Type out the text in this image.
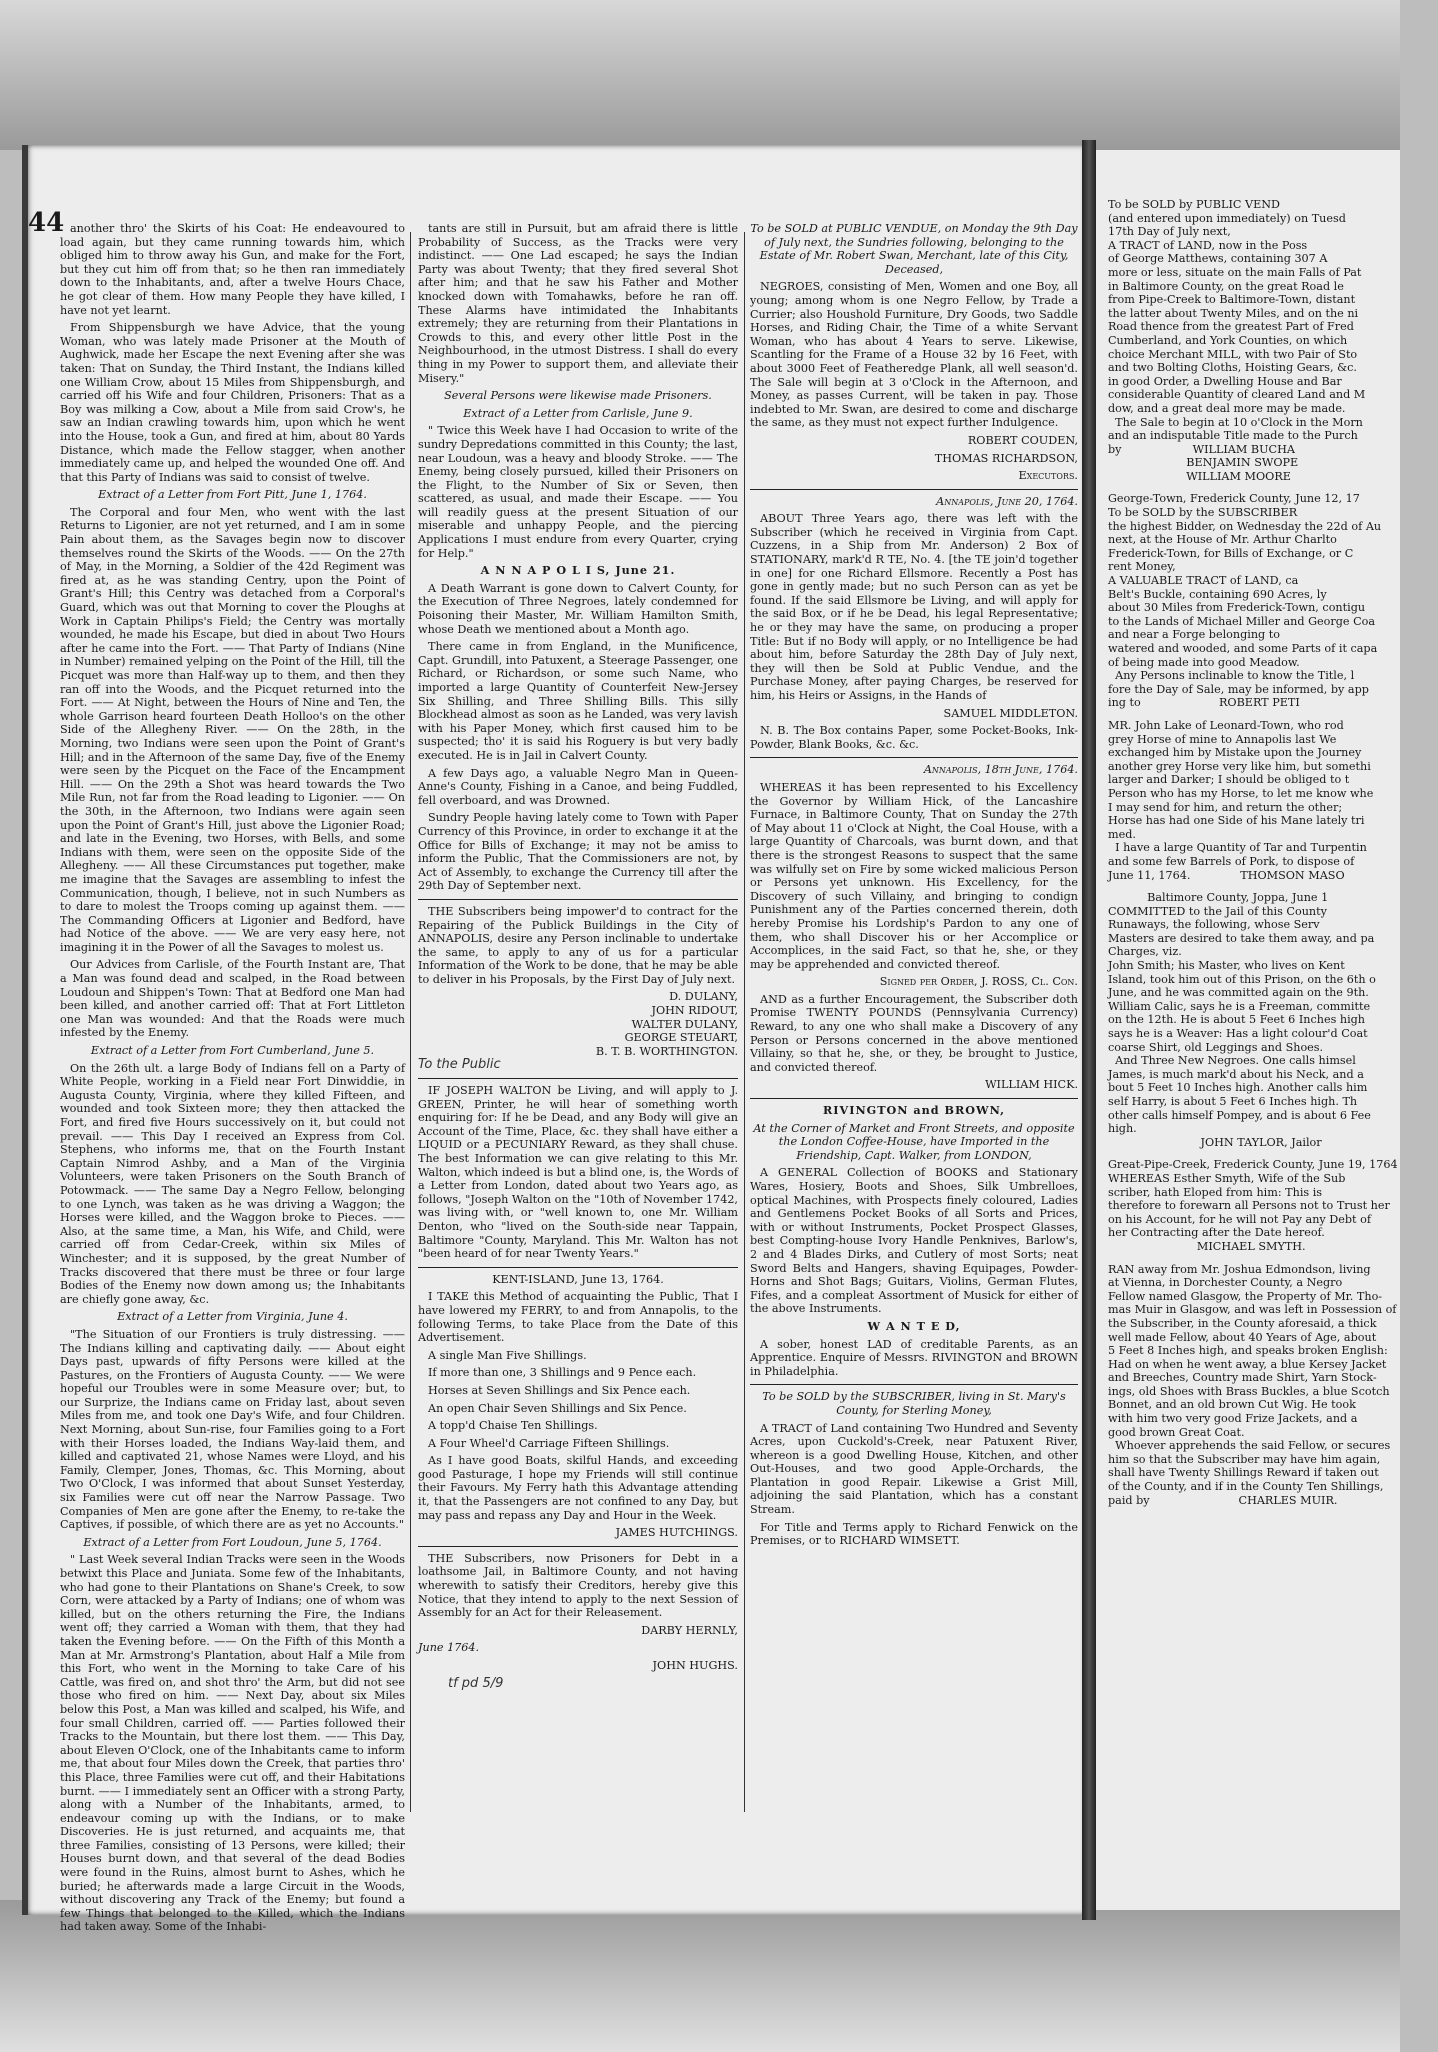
To be SOLD by PUBLIC VEND
(and entered upon immediately) on Tuesd
17th Day of July next,
A TRACT of LAND, now in the Poss
of George Matthews, containing 307 A
more or less, situate on the main Falls of Pat
in Baltimore County, on the great Road le
from Pipe-Creek to Baltimore-Town, distant
the latter about Twenty Miles, and on the ni
Road thence from the greatest Part of Fred
Cumberland, and York Counties, on which
choice Merchant MILL, with two Pair of Sto
and two Bolting Cloths, Hoisting Gears, &c.
in good Order, a Dwelling House and Bar
considerable Quantity of cleared Land and M
dow, and a great deal more may be made.
The Sale to begin at 10 o'Clock in the Morn
and an indisputable Title made to the Purch
by                    WILLIAM BUCHA
BENJAMIN SWOPE
WILLIAM MOORE
George-Town, Frederick County, June 12, 17
To be SOLD by the SUBSCRIBER
the highest Bidder, on Wednesday the 22d of Au
next, at the House of Mr. Arthur Charlto
Frederick-Town, for Bills of Exchange, or C
rent Money,
A VALUABLE TRACT of LAND, ca
Belt's Buckle, containing 690 Acres, ly
about 30 Miles from Frederick-Town, contigu
to the Lands of Michael Miller and George Coa
and near a Forge belonging to
watered and wooded, and some Parts of it capa
of being made into good Meadow.
Any Persons inclinable to know the Title, l
fore the Day of Sale, may be informed, by app
ing to                      ROBERT PETI
MR. John Lake of Leonard-Town, who rod
grey Horse of mine to Annapolis last We
exchanged him by Mistake upon the Journey
another grey Horse very like him, but somethi
larger and Darker; I should be obliged to t
Person who has my Horse, to let me know whe
I may send for him, and return the other;
Horse has had one Side of his Mane lately tri
med.
I have a large Quantity of Tar and Turpentin
and some few Barrels of Pork, to dispose of
June 11, 1764.              THOMSON MASO
Baltimore County, Joppa, June 1
COMMITTED to the Jail of this County
Runaways, the following, whose Serv
Masters are desired to take them away, and pa
Charges, viz.
John Smith; his Master, who lives on Kent
Island, took him out of this Prison, on the 6th o
June, and he was committed again on the 9th.
William Calic, says he is a Freeman, committe
on the 12th. He is about 5 Feet 6 Inches high
says he is a Weaver: Has a light colour'd Coat
coarse Shirt, old Leggings and Shoes.
And Three New Negroes. One calls himsel
James, is much mark'd about his Neck, and a
bout 5 Feet 10 Inches high. Another calls him
self Harry, is about 5 Feet 6 Inches high. Th
other calls himself Pompey, and is about 6 Fee
high.
JOHN TAYLOR, Jailor
Great-Pipe-Creek, Frederick County, June 19, 1764
WHEREAS Esther Smyth, Wife of the Sub
scriber, hath Eloped from him: This is
therefore to forewarn all Persons not to Trust her
on his Account, for he will not Pay any Debt of
her Contracting after the Date hereof.
MICHAEL SMYTH.
RAN away from Mr. Joshua Edmondson, living
at Vienna, in Dorchester County, a Negro
Fellow named Glasgow, the Property of Mr. Tho-
mas Muir in Glasgow, and was left in Possession of
the Subscriber, in the County aforesaid, a thick
well made Fellow, about 40 Years of Age, about
5 Feet 8 Inches high, and speaks broken English:
Had on when he went away, a blue Kersey Jacket
and Breeches, Country made Shirt, Yarn Stock-
ings, old Shoes with Brass Buckles, a blue Scotch
Bonnet, and an old brown Cut Wig. He took
with him two very good Frize Jackets, and a
good brown Great Coat.
Whoever apprehends the said Fellow, or secures
him so that the Subscriber may have him again,
shall have Twenty Shillings Reward if taken out
of the County, and if in the County Ten Shillings,
paid by                         CHARLES MUIR.
44 another thro' the Skirts of his Coat: He endeavoured to load again, but they came running towards him, which obliged him to throw away his Gun, and make for the Fort, but they cut him off from that; so he then ran immediately down to the Inhabitants, and, after a twelve Hours Chace, he got clear of them. How many People they have killed, I have not yet learnt.

From Shippensburgh we have Advice, that the young Woman, who was lately made Prisoner at the Mouth of Aughwick, made her Escape the next Evening after she was taken: That on Sunday, the Third Instant, the Indians killed one William Crow, about 15 Miles from Shippensburgh, and carried off his Wife and four Children, Prisoners: That as a Boy was milking a Cow, about a Mile from said Crow's, he saw an Indian crawling towards him, upon which he went into the House, took a Gun, and fired at him, about 80 Yards Distance, which made the Fellow stagger, when another immediately came up, and helped the wounded One off. And that this Party of Indians was said to consist of twelve.

Extract of a Letter from Fort Pitt, June 1, 1764.

The Corporal and four Men, who went with the last Returns to Ligonier, are not yet returned, and I am in some Pain about them, as the Savages begin now to discover themselves round the Skirts of the Woods. —— On the 27th of May, in the Morning, a Soldier of the 42d Regiment was fired at, as he was standing Centry, upon the Point of Grant's Hill; this Centry was detached from a Corporal's Guard, which was out that Morning to cover the Ploughs at Work in Captain Philips's Field; the Centry was mortally wounded, he made his Escape, but died in about Two Hours after he came into the Fort. —— That Party of Indians (Nine in Number) remained yelping on the Point of the Hill, till the Picquet was more than Half-way up to them, and then they ran off into the Woods, and the Picquet returned into the Fort. —— At Night, between the Hours of Nine and Ten, the whole Garrison heard fourteen Death Holloo's on the other Side of the Allegheny River. —— On the 28th, in the Morning, two Indians were seen upon the Point of Grant's Hill; and in the Afternoon of the same Day, five of the Enemy were seen by the Picquet on the Face of the Encampment Hill. —— On the 29th a Shot was heard towards the Two Mile Run, not far from the Road leading to Ligonier. —— On the 30th, in the Afternoon, two Indians were again seen upon the Point of Grant's Hill, just above the Ligonier Road; and late in the Evening, two Horses, with Bells, and some Indians with them, were seen on the opposite Side of the Allegheny. —— All these Circumstances put together, make me imagine that the Savages are assembling to infest the Communication, though, I believe, not in such Numbers as to dare to molest the Troops coming up against them. —— The Commanding Officers at Ligonier and Bedford, have had Notice of the above. —— We are very easy here, not imagining it in the Power of all the Savages to molest us.

Our Advices from Carlisle, of the Fourth Instant are, That a Man was found dead and scalped, in the Road between Loudoun and Shippen's Town: That at Bedford one Man had been killed, and another carried off: That at Fort Littleton one Man was wounded: And that the Roads were much infested by the Enemy.

Extract of a Letter from Fort Cumberland, June 5.

On the 26th ult. a large Body of Indians fell on a Party of White People, working in a Field near Fort Dinwiddie, in Augusta County, Virginia, where they killed Fifteen, and wounded and took Sixteen more; they then attacked the Fort, and fired five Hours successively on it, but could not prevail. —— This Day I received an Express from Col. Stephens, who informs me, that on the Fourth Instant Captain Nimrod Ashby, and a Man of the Virginia Volunteers, were taken Prisoners on the South Branch of Potowmack. —— The same Day a Negro Fellow, belonging to one Lynch, was taken as he was driving a Waggon; the Horses were killed, and the Waggon broke to Pieces. —— Also, at the same time, a Man, his Wife, and Child, were carried off from Cedar-Creek, within six Miles of Winchester; and it is supposed, by the great Number of Tracks discovered that there must be three or four large Bodies of the Enemy now down among us; the Inhabitants are chiefly gone away, &c.

Extract of a Letter from Virginia, June 4.

"The Situation of our Frontiers is truly distressing. —— The Indians killing and captivating daily. —— About eight Days past, upwards of fifty Persons were killed at the Pastures, on the Frontiers of Augusta County. —— We were hopeful our Troubles were in some Measure over; but, to our Surprize, the Indians came on Friday last, about seven Miles from me, and took one Day's Wife, and four Children. Next Morning, about Sun-rise, four Families going to a Fort with their Horses loaded, the Indians Way-laid them, and killed and captivated 21, whose Names were Lloyd, and his Family, Clemper, Jones, Thomas, &c. This Morning, about Two O'Clock, I was informed that about Sunset Yesterday, six Families were cut off near the Narrow Passage. Two Companies of Men are gone after the Enemy, to re-take the Captives, if possible, of which there are as yet no Accounts."

Extract of a Letter from Fort Loudoun, June 5, 1764.

" Last Week several Indian Tracks were seen in the Woods betwixt this Place and Juniata. Some few of the Inhabitants, who had gone to their Plantations on Shane's Creek, to sow Corn, were attacked by a Party of Indians; one of whom was killed, but on the others returning the Fire, the Indians went off; they carried a Woman with them, that they had taken the Evening before. —— On the Fifth of this Month a Man at Mr. Armstrong's Plantation, about Half a Mile from this Fort, who went in the Morning to take Care of his Cattle, was fired on, and shot thro' the Arm, but did not see those who fired on him. —— Next Day, about six Miles below this Post, a Man was killed and scalped, his Wife, and four small Children, carried off. —— Parties followed their Tracks to the Mountain, but there lost them. —— This Day, about Eleven O'Clock, one of the Inhabitants came to inform me, that about four Miles down the Creek, that parties thro' this Place, three Families were cut off, and their Habitations burnt. —— I immediately sent an Officer with a strong Party, along with a Number of the Inhabitants, armed, to endeavour coming up with the Indians, or to make Discoveries. He is just returned, and acquaints me, that three Families, consisting of 13 Persons, were killed; their Houses burnt down, and that several of the dead Bodies were found in the Ruins, almost burnt to Ashes, which he buried; he afterwards made a large Circuit in the Woods, without discovering any Track of the Enemy; but found a few Things that belonged to the Killed, which the Indians had taken away. Some of the Inhabi-

tants are still in Pursuit, but am afraid there is little Probability of Success, as the Tracks were very indistinct. —— One Lad escaped; he says the Indian Party was about Twenty; that they fired several Shot after him; and that he saw his Father and Mother knocked down with Tomahawks, before he ran off. These Alarms have intimidated the Inhabitants extremely; they are returning from their Plantations in Crowds to this, and every other little Post in the Neighbourhood, in the utmost Distress. I shall do every thing in my Power to support them, and alleviate their Misery."

Several Persons were likewise made Prisoners.

Extract of a Letter from Carlisle, June 9.

" Twice this Week have I had Occasion to write of the sundry Depredations committed in this County; the last, near Loudoun, was a heavy and bloody Stroke. —— The Enemy, being closely pursued, killed their Prisoners on the Flight, to the Number of Six or Seven, then scattered, as usual, and made their Escape. —— You will readily guess at the present Situation of our miserable and unhappy People, and the piercing Applications I must endure from every Quarter, crying for Help."

A N N A P O L I S, June 21.

A Death Warrant is gone down to Calvert County, for the Execution of Three Negroes, lately condemned for Poisoning their Master, Mr. William Hamilton Smith, whose Death we mentioned about a Month ago.

There came in from England, in the Munificence, Capt. Grundill, into Patuxent, a Steerage Passenger, one Richard, or Richardson, or some such Name, who imported a large Quantity of Counterfeit New-Jersey Six Shilling, and Three Shilling Bills. This silly Blockhead almost as soon as he Landed, was very lavish with his Paper Money, which first caused him to be suspected; tho' it is said his Roguery is but very badly executed. He is in Jail in Calvert County.

A few Days ago, a valuable Negro Man in Queen-Anne's County, Fishing in a Canoe, and being Fuddled, fell overboard, and was Drowned.

Sundry People having lately come to Town with Paper Currency of this Province, in order to exchange it at the Office for Bills of Exchange; it may not be amiss to inform the Public, That the Commissioners are not, by Act of Assembly, to exchange the Currency till after the 29th Day of September next.

THE Subscribers being impower'd to contract for the Repairing of the Publick Buildings in the City of ANNAPOLIS, desire any Person inclinable to undertake the same, to apply to any of us for a particular Information of the Work to be done, that he may be able to deliver in his Proposals, by the First Day of July next.

D. DULANY,
JOHN RIDOUT,
WALTER DULANY,
GEORGE STEUART,
B. T. B. WORTHINGTON.
To the Public

IF JOSEPH WALTON be Living, and will apply to J. GREEN, Printer, he will hear of something worth enquiring for: If he be Dead, and any Body will give an Account of the Time, Place, &c. they shall have either a LIQUID or a PECUNIARY Reward, as they shall chuse. The best Information we can give relating to this Mr. Walton, which indeed is but a blind one, is, the Words of a Letter from London, dated about two Years ago, as follows, "Joseph Walton on the "10th of November 1742, was living with, or "well known to, one Mr. William Denton, who "lived on the South-side near Tappain, Baltimore "County, Maryland. This Mr. Walton has not "been heard of for near Twenty Years."

KENT-ISLAND, June 13, 1764.

I TAKE this Method of acquainting the Public, That I have lowered my FERRY, to and from Annapolis, to the following Terms, to take Place from the Date of this Advertisement.

A single Man Five Shillings.

If more than one, 3 Shillings and 9 Pence each.

Horses at Seven Shillings and Six Pence each.

An open Chair Seven Shillings and Six Pence.

A topp'd Chaise Ten Shillings.

A Four Wheel'd Carriage Fifteen Shillings.

As I have good Boats, skilful Hands, and exceeding good Pasturage, I hope my Friends will still continue their Favours. My Ferry hath this Advantage attending it, that the Passengers are not confined to any Day, but may pass and repass any Day and Hour in the Week.

JAMES HUTCHINGS.

THE Subscribers, now Prisoners for Debt in a loathsome Jail, in Baltimore County, and not having wherewith to satisfy their Creditors, hereby give this Notice, that they intend to apply to the next Session of Assembly for an Act for their Releasement.

DARBY HERNLY,

June 1764.

JOHN HUGHS.

tf pd 5/9

To be SOLD at PUBLIC VENDUE, on Monday the 9th Day of July next, the Sundries following, belonging to the Estate of Mr. Robert Swan, Merchant, late of this City, Deceased,

NEGROES, consisting of Men, Women and one Boy, all young; among whom is one Negro Fellow, by Trade a Currier; also Houshold Furniture, Dry Goods, two Saddle Horses, and Riding Chair, the Time of a white Servant Woman, who has about 4 Years to serve. Likewise, Scantling for the Frame of a House 32 by 16 Feet, with about 3000 Feet of Featheredge Plank, all well season'd. The Sale will begin at 3 o'Clock in the Afternoon, and Money, as passes Current, will be taken in pay. Those indebted to Mr. Swan, are desired to come and discharge the same, as they must not expect further Indulgence.

ROBERT COUDEN,

THOMAS RICHARDSON,

Executors.

Annapolis, June 20, 1764.

ABOUT Three Years ago, there was left with the Subscriber (which he received in Virginia from Capt. Cuzzens, in a Ship from Mr. Anderson) 2 Box of STATIONARY, mark'd R TE, No. 4. [the TE join'd together in one] for one Richard Ellsmore. Recently a Post has gone in gently made; but no such Person can as yet be found. If the said Ellsmore be Living, and will apply for the said Box, or if he be Dead, his legal Representative; he or they may have the same, on producing a proper Title: But if no Body will apply, or no Intelligence be had about him, before Saturday the 28th Day of July next, they will then be Sold at Public Vendue, and the Purchase Money, after paying Charges, be reserved for him, his Heirs or Assigns, in the Hands of

SAMUEL MIDDLETON.

N. B. The Box contains Paper, some Pocket-Books, Ink-Powder, Blank Books, &c. &c.

Annapolis, 18th June, 1764.

WHEREAS it has been represented to his Excellency the Governor by William Hick, of the Lancashire Furnace, in Baltimore County, That on Sunday the 27th of May about 11 o'Clock at Night, the Coal House, with a large Quantity of Charcoals, was burnt down, and that there is the strongest Reasons to suspect that the same was wilfully set on Fire by some wicked malicious Person or Persons yet unknown. His Excellency, for the Discovery of such Villainy, and bringing to condign Punishment any of the Parties concerned therein, doth hereby Promise his Lordship's Pardon to any one of them, who shall Discover his or her Accomplice or Accomplices, in the said Fact, so that he, she, or they may be apprehended and convicted thereof.

Signed per Order, J. ROSS, Cl. Con.

AND as a further Encouragement, the Subscriber doth Promise TWENTY POUNDS (Pennsylvania Currency) Reward, to any one who shall make a Discovery of any Person or Persons concerned in the above mentioned Villainy, so that he, she, or they, be brought to Justice, and convicted thereof.

WILLIAM HICK.

RIVINGTON and BROWN,

At the Corner of Market and Front Streets, and opposite the London Coffee-House, have Imported in the Friendship, Capt. Walker, from LONDON,

A GENERAL Collection of BOOKS and Stationary Wares, Hosiery, Boots and Shoes, Silk Umbrelloes, optical Machines, with Prospects finely coloured, Ladies and Gentlemens Pocket Books of all Sorts and Prices, with or without Instruments, Pocket Prospect Glasses, best Compting-house Ivory Handle Penknives, Barlow's, 2 and 4 Blades Dirks, and Cutlery of most Sorts; neat Sword Belts and Hangers, shaving Equipages, Powder-Horns and Shot Bags; Guitars, Violins, German Flutes, Fifes, and a compleat Assortment of Musick for either of the above Instruments.

W A N T E D,

A sober, honest LAD of creditable Parents, as an Apprentice. Enquire of Messrs. RIVINGTON and BROWN in Philadelphia.

To be SOLD by the SUBSCRIBER, living in St. Mary's County, for Sterling Money,

A TRACT of Land containing Two Hundred and Seventy Acres, upon Cuckold's-Creek, near Patuxent River, whereon is a good Dwelling House, Kitchen, and other Out-Houses, and two good Apple-Orchards, the Plantation in good Repair. Likewise a Grist Mill, adjoining the said Plantation, which has a constant Stream.

For Title and Terms apply to Richard Fenwick on the Premises, or to RICHARD WIMSETT.
